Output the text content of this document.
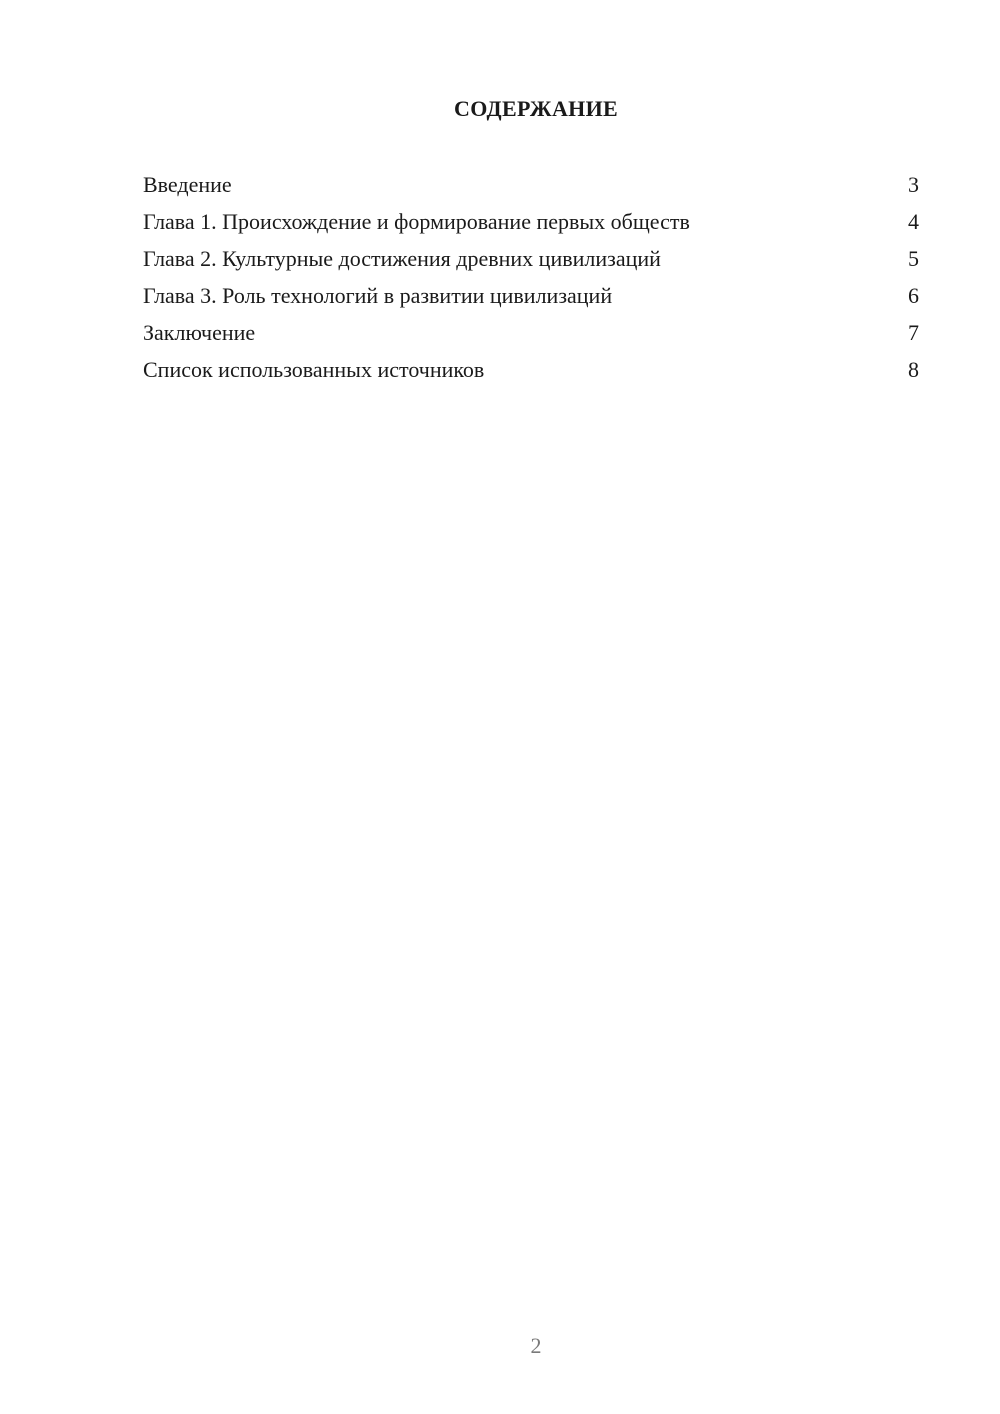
СОДЕРЖАНИЕ
Введение	3
Глава 1. Происхождение и формирование первых обществ	4
Глава 2. Культурные достижения древних цивилизаций	5
Глава 3. Роль технологий в развитии цивилизаций	6
Заключение	7
Список использованных источников	8
2
